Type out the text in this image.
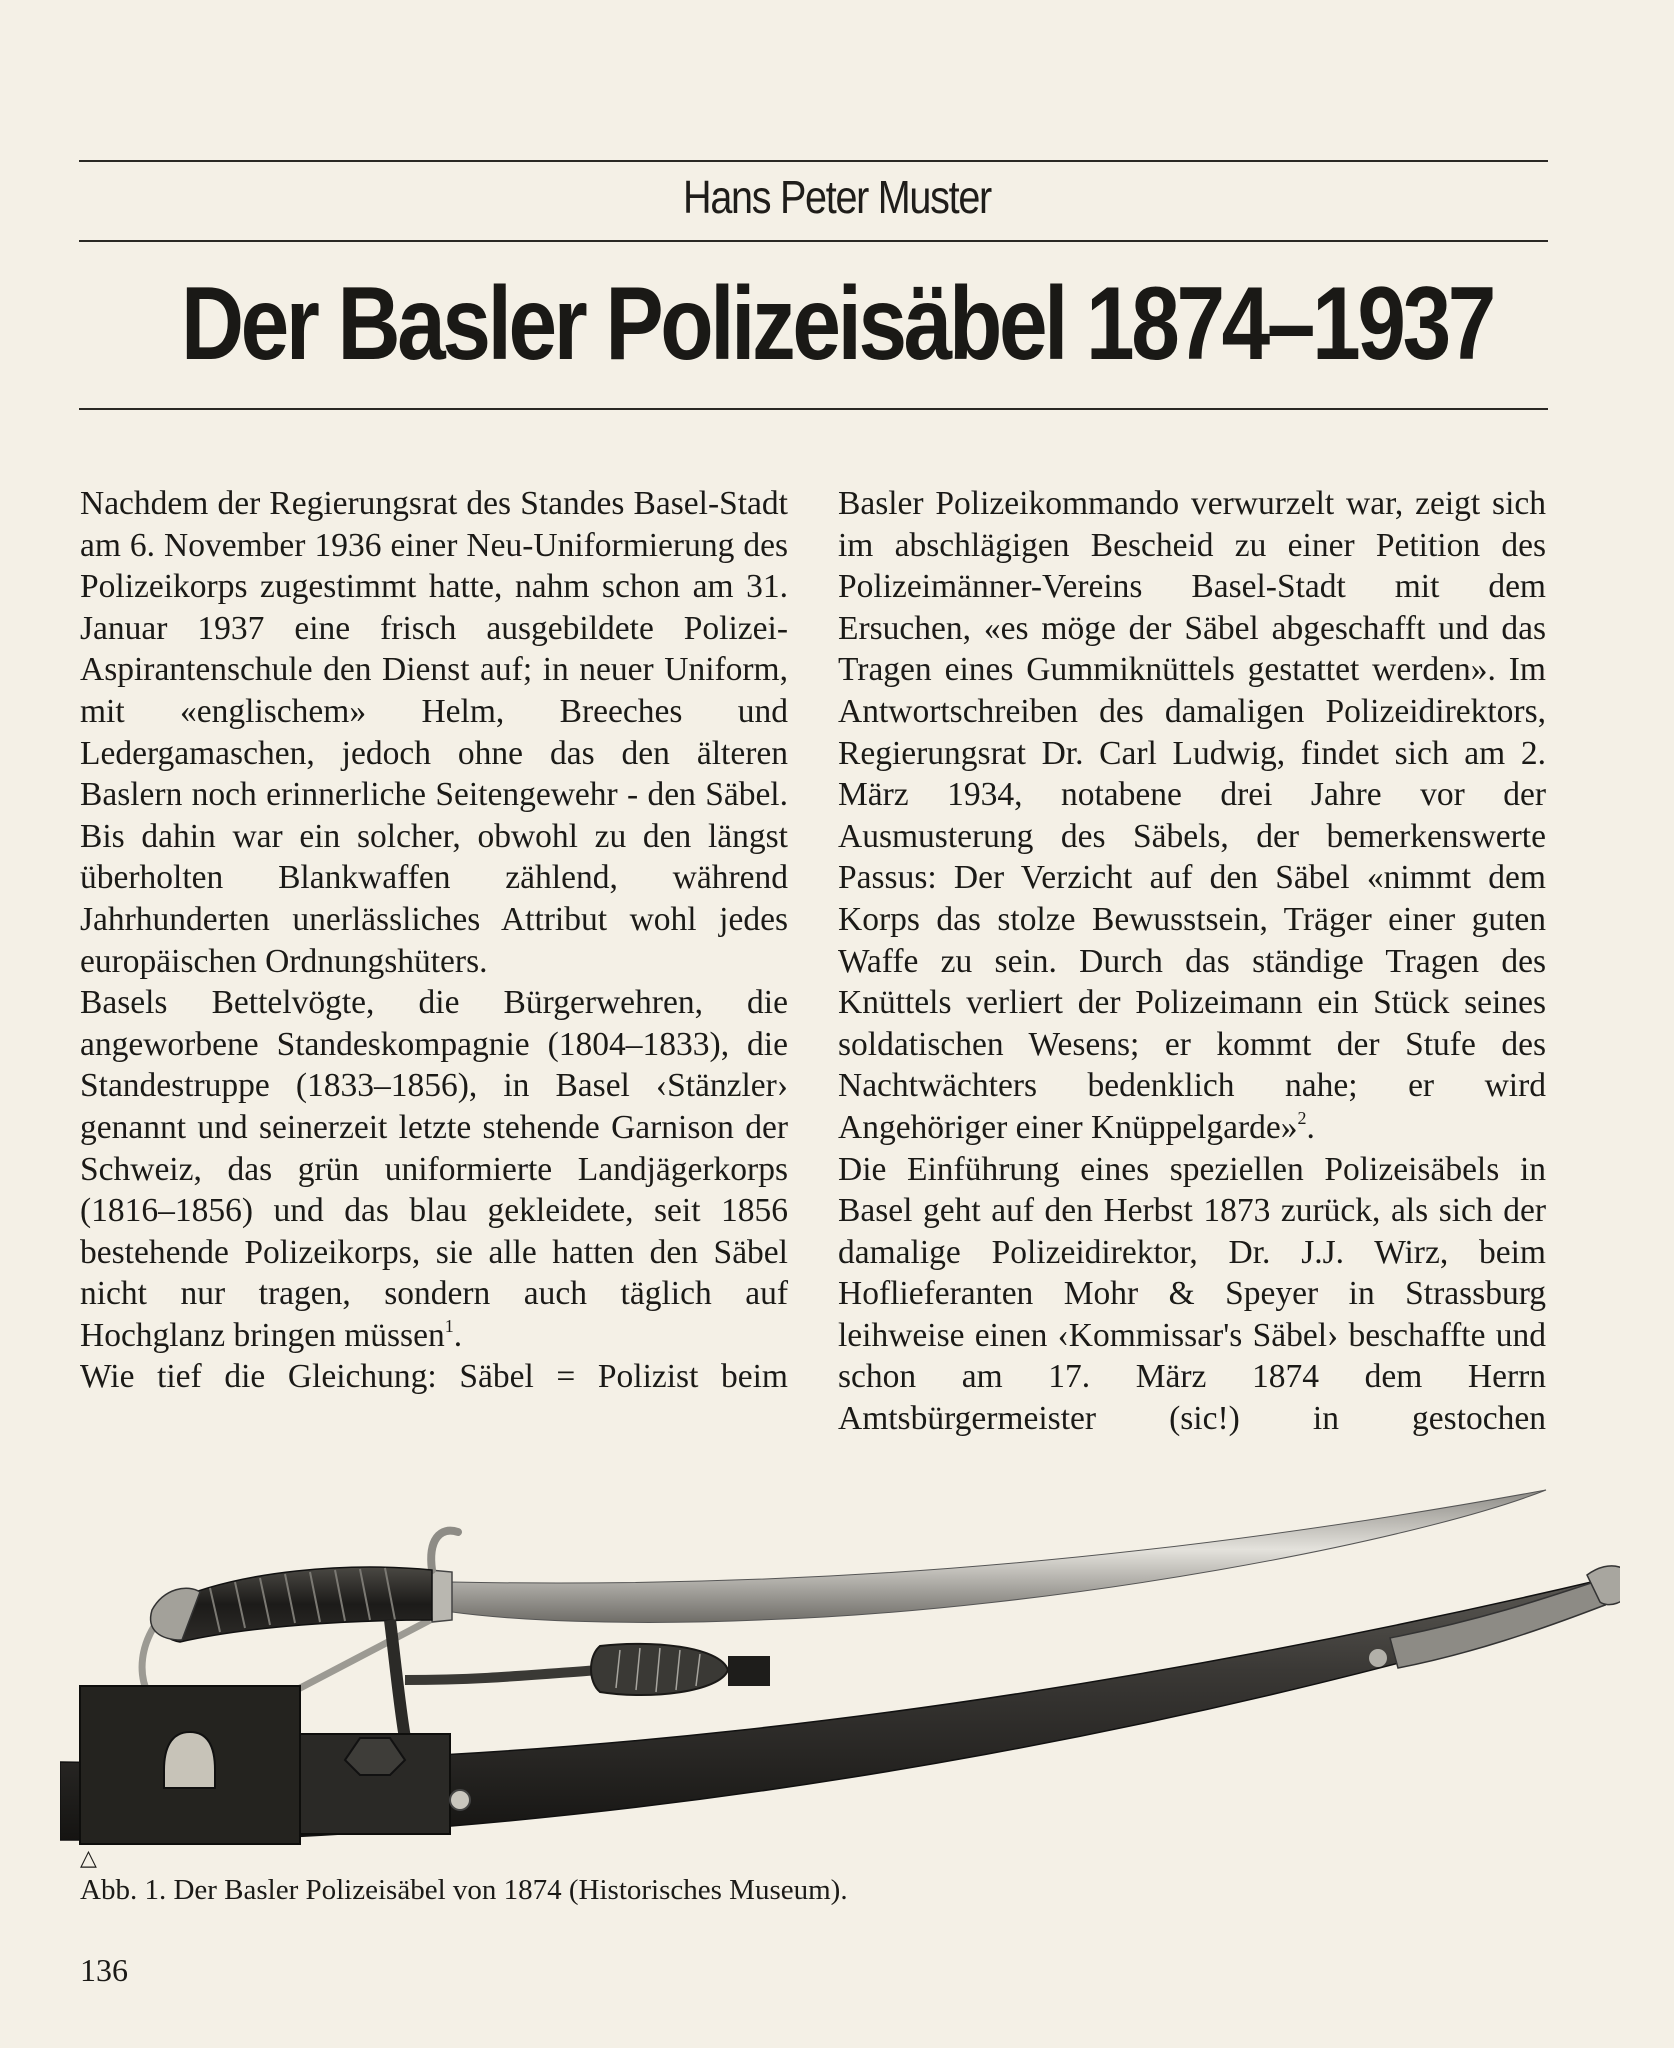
Hans Peter Muster
Der Basler Polizeisäbel 1874–1937

Nachdem der Regierungsrat des Standes Basel-Stadt am 6. November 1936 einer Neu-Uniformierung des Polizeikorps zugestimmt hatte, nahm schon am 31. Januar 1937 eine frisch ausgebildete Polizei-Aspirantenschule den Dienst auf; in neuer Uniform, mit «englischem» Helm, Breeches und Ledergamaschen, jedoch ohne das den älteren Baslern noch erinnerliche Seitengewehr - den Säbel. Bis dahin war ein solcher, obwohl zu den längst überholten Blankwaffen zählend, während Jahrhunderten unerlässliches Attribut wohl jedes europäischen Ordnungshüters.

Basels Bettelvögte, die Bürgerwehren, die angeworbene Standeskompagnie (1804–1833), die Standestruppe (1833–1856), in Basel ‹Stänzler› genannt und seinerzeit letzte stehende Garnison der Schweiz, das grün uniformierte Landjägerkorps (1816–1856) und das blau gekleidete, seit 1856 bestehende Polizeikorps, sie alle hatten den Säbel nicht nur tragen, sondern auch täglich auf Hochglanz bringen müssen$^1$.

Wie tief die Gleichung: Säbel = Polizist beim

Basler Polizeikommando verwurzelt war, zeigt sich im abschlägigen Bescheid zu einer Petition des Polizeimänner-Vereins Basel-Stadt mit dem Ersuchen, «es möge der Säbel abgeschafft und das Tragen eines Gummiknüttels gestattet werden». Im Antwortschreiben des damaligen Polizeidirektors, Regierungsrat Dr. Carl Ludwig, findet sich am 2. März 1934, notabene drei Jahre vor der Ausmusterung des Säbels, der bemerkenswerte Passus: Der Verzicht auf den Säbel «nimmt dem Korps das stolze Bewusstsein, Träger einer guten Waffe zu sein. Durch das ständige Tragen des Knüttels verliert der Polizeimann ein Stück seines soldatischen Wesens; er kommt der Stufe des Nachtwächters bedenklich nahe; er wird Angehöriger einer Knüppelgarde»$^2$.

Die Einführung eines speziellen Polizeisäbels in Basel geht auf den Herbst 1873 zurück, als sich der damalige Polizeidirektor, Dr. J.J. Wirz, beim Hoflieferanten Mohr & Speyer in Strassburg leihweise einen ‹Kommissar's Säbel› beschaffte und schon am 17. März 1874 dem Herrn Amtsbürgermeister (sic!) in gestochen

△
Abb. 1. Der Basler Polizeisäbel von 1874 (Historisches Museum).
136
